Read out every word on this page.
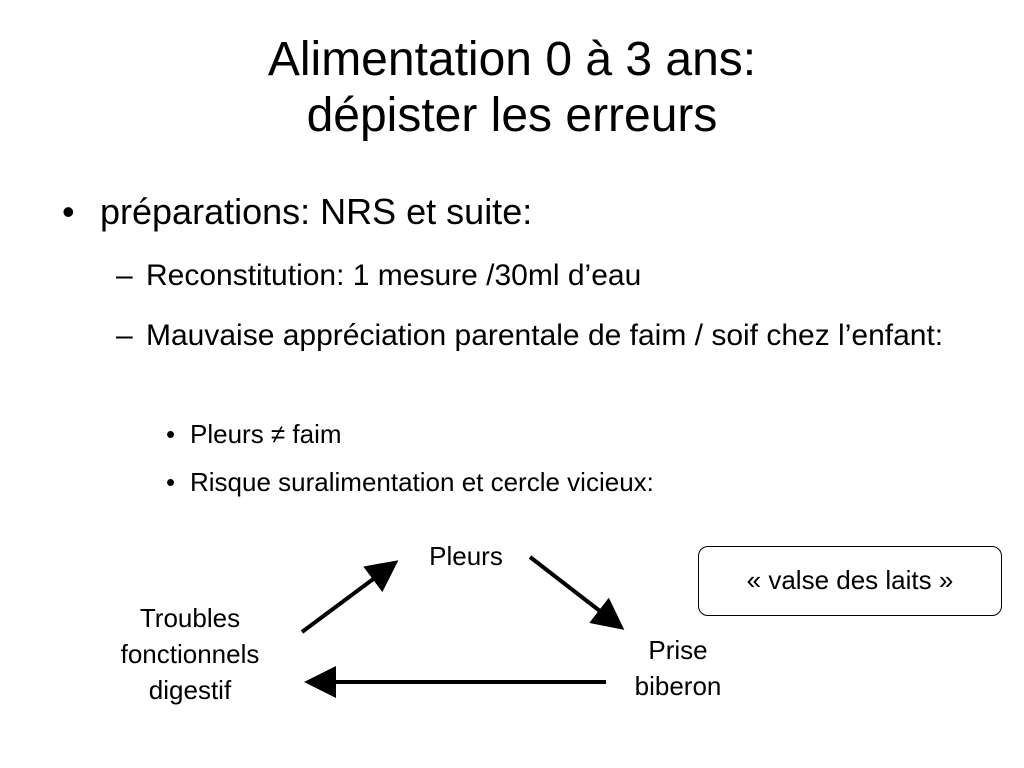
Alimentation 0 à 3 ans:
dépister les erreurs
• préparations: NRS et suite:
– Reconstitution: 1 mesure /30ml d’eau
– Mauvaise appréciation parentale de faim / soif chez l’enfant:
• Pleurs ≠ faim
• Risque suralimentation et cercle vicieux:
Pleurs
Prise
biberon
Troubles
fonctionnels
digestif
« valse des laits »
